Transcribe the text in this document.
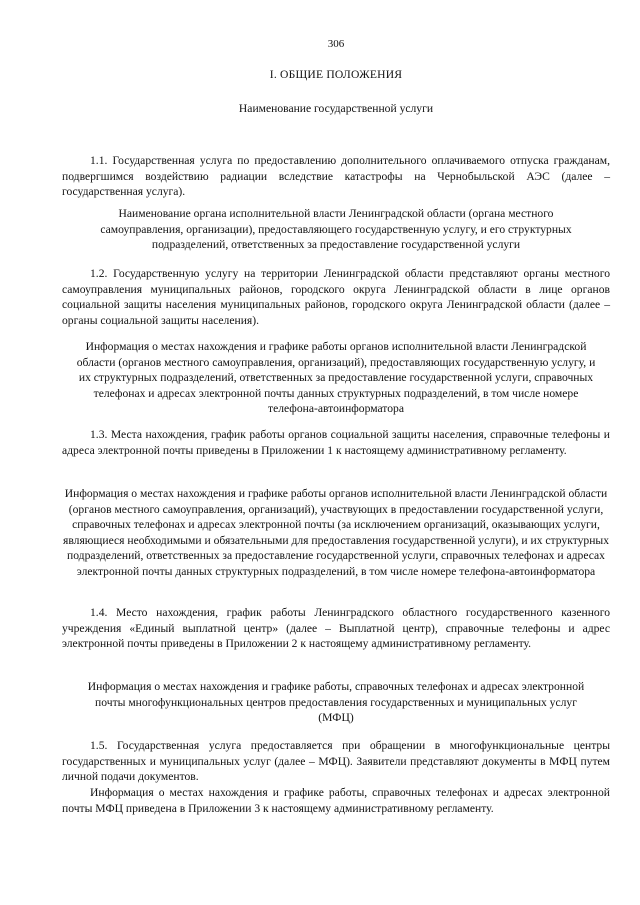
306
I. ОБЩИЕ ПОЛОЖЕНИЯ
Наименование государственной услуги

1.1. Государственная услуга по предоставлению дополнительного оплачиваемого отпуска гражданам, подвергшимся воздействию радиации вследствие катастрофы на Чернобыльской АЭС (далее – государственная услуга).

Наименование органа исполнительной власти Ленинградской области (органа местного самоуправления, организации), предоставляющего государственную услугу, и его структурных подразделений, ответственных за предоставление государственной услуги

1.2. Государственную услугу на территории Ленинградской области представляют органы местного самоуправления муниципальных районов, городского округа Ленинградской области в лице органов социальной защиты населения муниципальных районов, городского округа Ленинградской области (далее – органы социальной защиты населения).

Информация о местах нахождения и графике работы органов исполнительной власти Ленинградской области (органов местного самоуправления, организаций), предоставляющих государственную услугу, и их структурных подразделений, ответственных за предоставление государственной услуги, справочных телефонах и адресах электронной почты данных структурных подразделений, в том числе номере телефона-автоинформатора

1.3. Места нахождения, график работы органов социальной защиты населения, справочные телефоны и адреса электронной почты приведены в Приложении 1 к настоящему административному регламенту.

Информация о местах нахождения и графике работы органов исполнительной власти Ленинградской области (органов местного самоуправления, организаций), участвующих в предоставлении государственной услуги, справочных телефонах и адресах электронной почты (за исключением организаций, оказывающих услуги, являющиеся необходимыми и обязательными для предоставления государственной услуги), и их структурных подразделений, ответственных за предоставление государственной услуги, справочных телефонах и адресах электронной почты данных структурных подразделений, в том числе номере телефона-автоинформатора

1.4. Место нахождения, график работы Ленинградского областного государственного казенного учреждения «Единый выплатной центр» (далее – Выплатной центр), справочные телефоны и адрес электронной почты приведены в Приложении 2 к настоящему административному регламенту.

Информация о местах нахождения и графике работы, справочных телефонах и адресах электронной почты многофункциональных центров предоставления государственных и муниципальных услуг (МФЦ)

1.5. Государственная услуга предоставляется при обращении в многофункциональные центры государственных и муниципальных услуг (далее – МФЦ). Заявители представляют документы в МФЦ путем личной подачи документов.

Информация о местах нахождения и графике работы, справочных телефонах и адресах электронной почты МФЦ приведена в Приложении 3 к настоящему административному регламенту.
